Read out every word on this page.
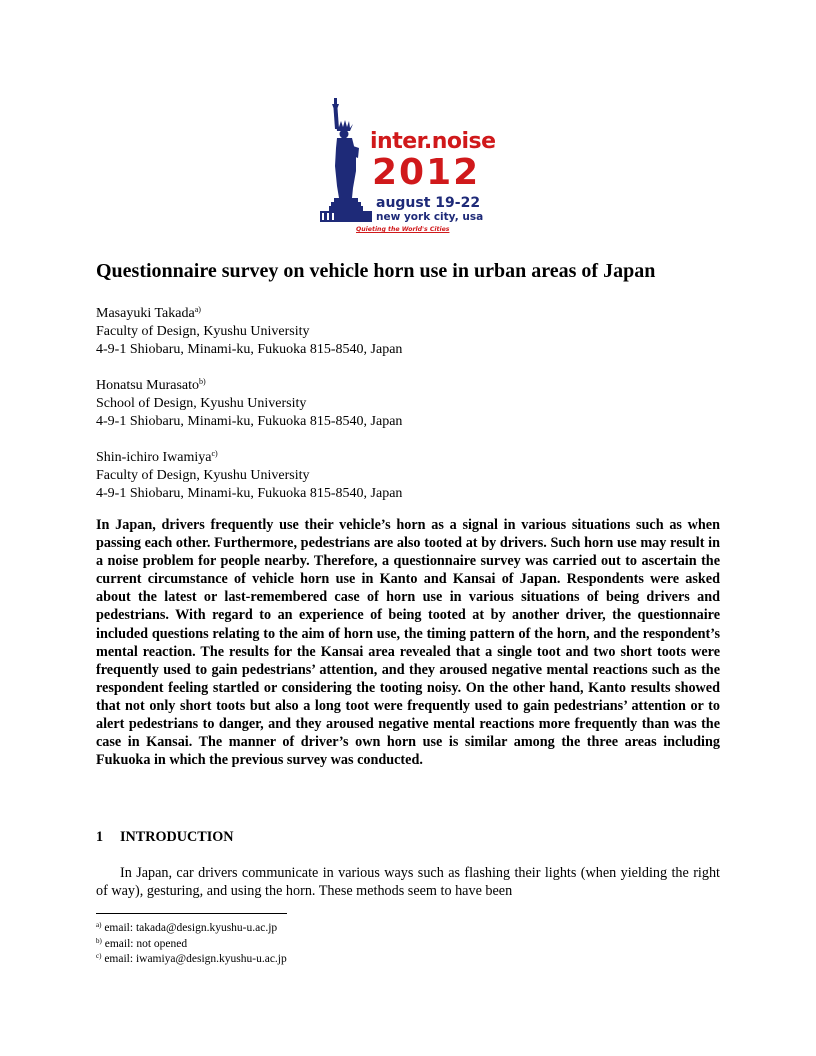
inter.noise
2012
august 19-22
new york city, usa
Quieting the World's Cities
Questionnaire survey on vehicle horn use in urban areas of Japan
Masayuki Takada$^{a)}$
Faculty of Design, Kyushu University
4-9-1 Shiobaru, Minami-ku, Fukuoka 815-8540, Japan
Honatsu Murasato$^{b)}$
School of Design, Kyushu University
4-9-1 Shiobaru, Minami-ku, Fukuoka 815-8540, Japan
Shin-ichiro Iwamiya$^{c)}$
Faculty of Design, Kyushu University
4-9-1 Shiobaru, Minami-ku, Fukuoka 815-8540, Japan

In Japan, drivers frequently use their vehicle’s horn as a signal in various situations such as when passing each other. Furthermore, pedestrians are also tooted at by drivers. Such horn use may result in a noise problem for people nearby. Therefore, a questionnaire survey was carried out to ascertain the current circumstance of vehicle horn use in Kanto and Kansai of Japan. Respondents were asked about the latest or last-remembered case of horn use in various situations of being drivers and pedestrians. With regard to an experience of being tooted at by another driver, the questionnaire included questions relating to the aim of horn use, the timing pattern of the horn, and the respondent’s mental reaction. The results for the Kansai area revealed that a single toot and two short toots were frequently used to gain pedestrians’ attention, and they aroused negative mental reactions such as the respondent feeling startled or considering the tooting noisy. On the other hand, Kanto results showed that not only short toots but also a long toot were frequently used to gain pedestrians’ attention or to alert pedestrians to danger, and they aroused negative mental reactions more frequently than was the case in Kansai. The manner of driver’s own horn use is similar among the three areas including Fukuoka in which the previous survey was conducted.

1 INTRODUCTION

In Japan, car drivers communicate in various ways such as flashing their lights (when yielding the right of way), gesturing, and using the horn. These methods seem to have been

$^{a)}$ email: takada@design.kyushu-u.ac.jp
$^{b)}$ email: not opened
$^{c)}$ email: iwamiya@design.kyushu-u.ac.jp
